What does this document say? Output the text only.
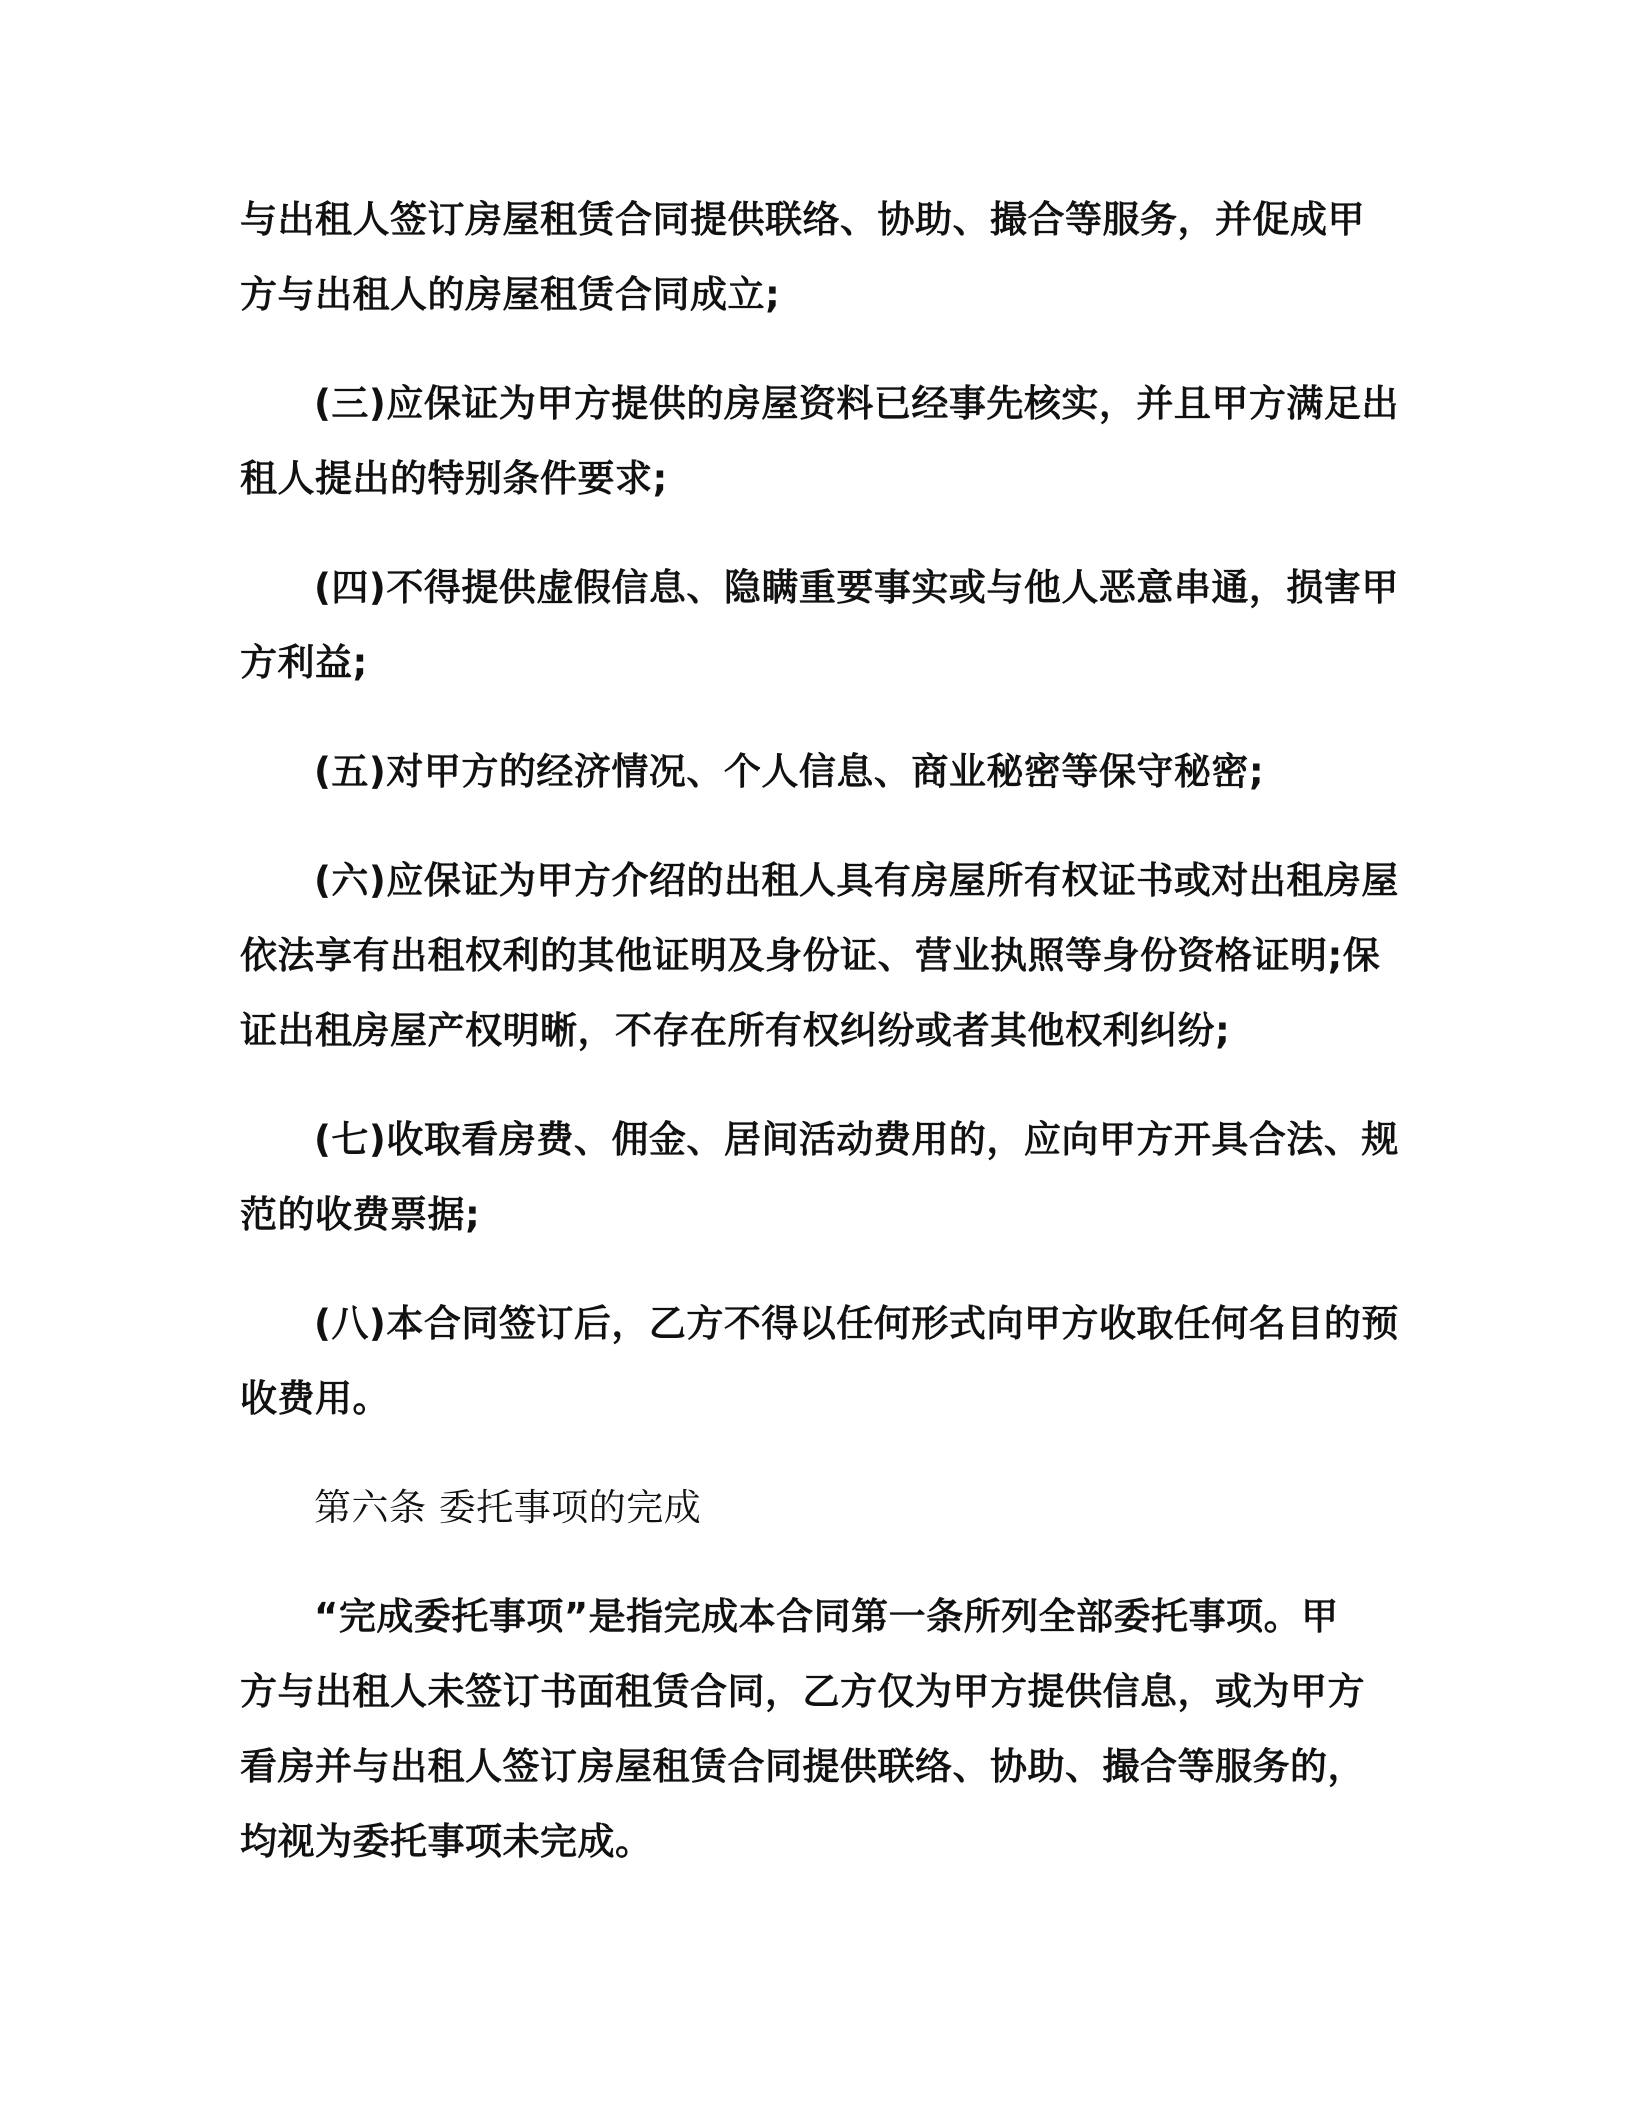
与出租人签订房屋租赁合同提供联络、协助、撮合等服务，并促成甲
方与出租人的房屋租赁合同成立;

(三)应保证为甲方提供的房屋资料已经事先核实，并且甲方满足出
租人提出的特别条件要求;

(四)不得提供虚假信息、隐瞒重要事实或与他人恶意串通，损害甲
方利益;

(五)对甲方的经济情况、个人信息、商业秘密等保守秘密;

(六)应保证为甲方介绍的出租人具有房屋所有权证书或对出租房屋
依法享有出租权利的其他证明及身份证、营业执照等身份资格证明;保
证出租房屋产权明晰，不存在所有权纠纷或者其他权利纠纷;

(七)收取看房费、佣金、居间活动费用的，应向甲方开具合法、规
范的收费票据;

(八)本合同签订后，乙方不得以任何形式向甲方收取任何名目的预
收费用。

第六条 委托事项的完成

“完成委托事项”是指完成本合同第一条所列全部委托事项。甲
方与出租人未签订书面租赁合同，乙方仅为甲方提供信息，或为甲方
看房并与出租人签订房屋租赁合同提供联络、协助、撮合等服务的，
均视为委托事项未完成。
